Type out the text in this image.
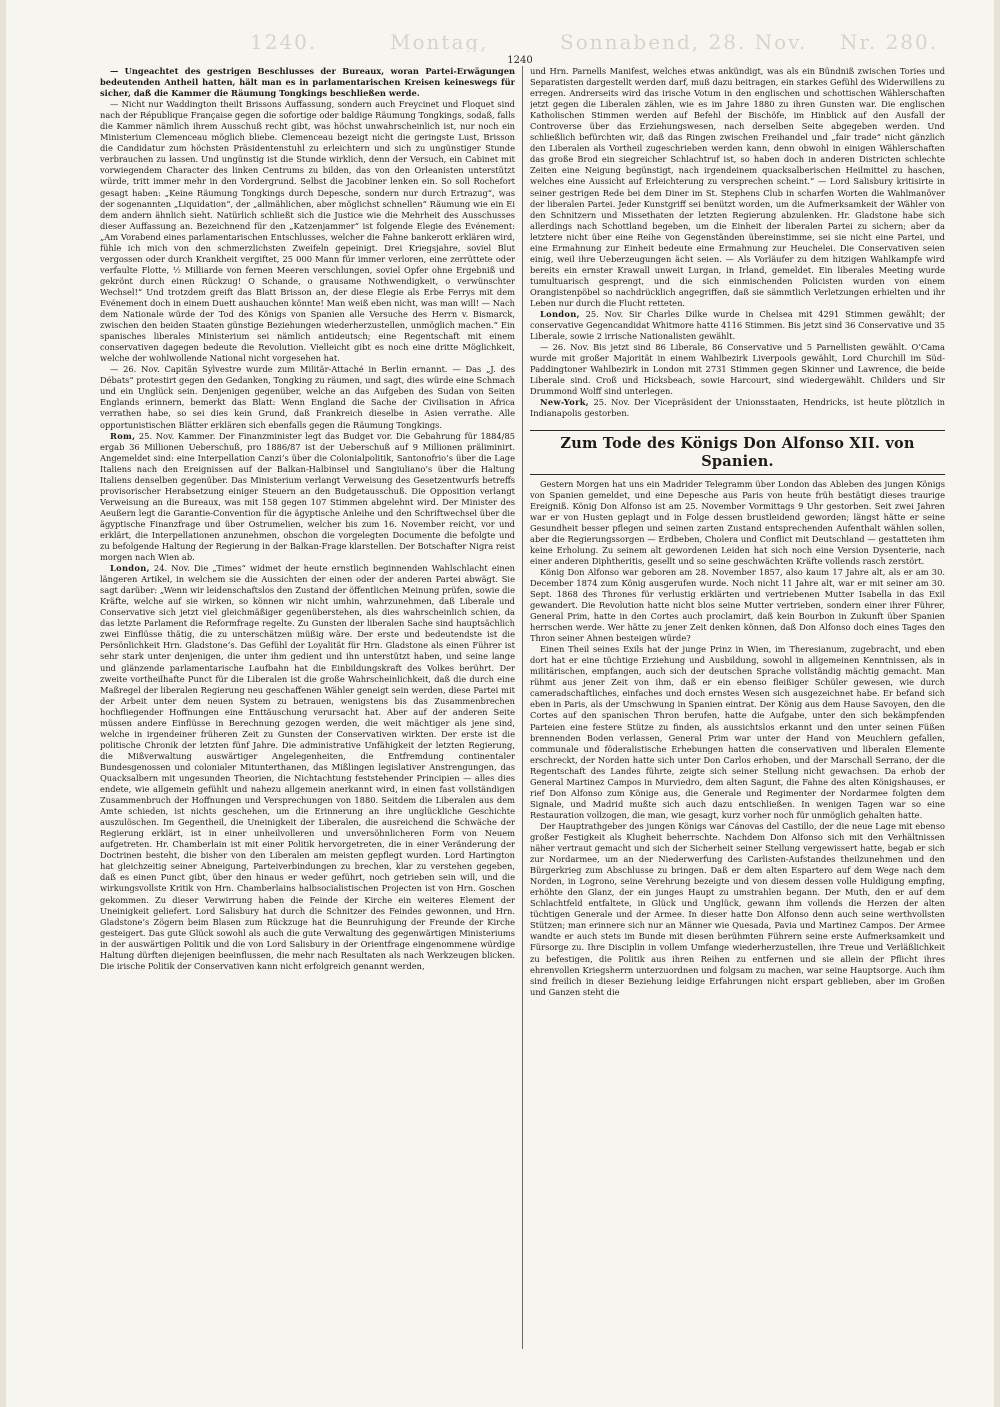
1240.	Montag,	Sonnabend, 28. Nov. Nr. 280.
1240

— Ungeachtet des gestrigen Beschlusses der Bureaux, woran Partei-Erwägungen bedeutenden Antheil hatten, hält man es in parlamentarischen Kreisen keineswegs für sicher, daß die Kammer die Räumung Tongkings beschließen werde.

— Nicht nur Waddington theilt Brissons Auffassung, sondern auch Freycinet und Floquet sind nach der République Française gegen die sofortige oder baldige Räumung Tongkings, sodaß, falls die Kammer nämlich ihrem Ausschuß recht gibt, was höchst unwahrscheinlich ist, nur noch ein Ministerium Clemenceau möglich bliebe. Clemenceau bezeigt nicht die geringste Lust, Brisson die Candidatur zum höchsten Präsidentenstuhl zu erleichtern und sich zu ungünstiger Stunde verbrauchen zu lassen. Und ungünstig ist die Stunde wirklich, denn der Versuch, ein Cabinet mit vorwiegendem Character des linken Centrums zu bilden, das von den Orleanisten unterstützt würde, tritt immer mehr in den Vordergrund. Selbst die Jacobiner lenken ein. So soll Rochefort gesagt haben: „Keine Räumung Tongkings durch Depesche, sondern nur durch Ertrazug“, was der sogenannten „Liquidation“, der „allmählichen, aber möglichst schnellen“ Räumung wie ein Ei dem andern ähnlich sieht. Natürlich schließt sich die Justice wie die Mehrheit des Ausschusses dieser Auffassung an. Bezeichnend für den „Katzenjammer“ ist folgende Elegie des Evénement: „Am Vorabend eines parlamentarischen Entschlusses, welcher die Fahne bankerott erklären wird, fühle ich mich von den schmerzlichsten Zweifeln gepeinigt. Drei Kriegsjahre, soviel Blut vergossen oder durch Krankheit vergiftet, 25 000 Mann für immer verloren, eine zerrüttete oder verfaulte Flotte, ½ Milliarde von fernen Meeren verschlungen, soviel Opfer ohne Ergebniß und gekrönt durch einen Rückzug! O Schande, o grausame Nothwendigkeit, o verwünschter Wechsel!“ Und trotzdem greift das Blatt Brisson an, der diese Elegie als Erbe Ferrys mit dem Evénement doch in einem Duett aushauchen könnte! Man weiß eben nicht, was man will! — Nach dem Nationale würde der Tod des Königs von Spanien alle Versuche des Herrn v. Bismarck, zwischen den beiden Staaten günstige Beziehungen wiederherzustellen, unmöglich machen.“ Ein spanisches liberales Ministerium sei nämlich antideutsch; eine Regentschaft mit einem conservativen dagegen bedeute die Revolution. Vielleicht gibt es noch eine dritte Möglichkeit, welche der wohlwollende National nicht vorgesehen hat.

— 26. Nov. Capitän Sylvestre wurde zum Militär-Attaché in Berlin ernannt. — Das „J. des Débats“ protestirt gegen den Gedanken, Tongking zu räumen, und sagt, dies würde eine Schmach und ein Unglück sein. Denjenigen gegenüber, welche an das Aufgeben des Sudan von Seiten Englands erinnern, bemerkt das Blatt: Wenn England die Sache der Civilisation in Africa verrathen habe, so sei dies kein Grund, daß Frankreich dieselbe in Asien verrathe. Alle opportunistischen Blätter erklären sich ebenfalls gegen die Räumung Tongkings.

Rom, 25. Nov. Kammer. Der Finanzminister legt das Budget vor. Die Gebahrung für 1884/85 ergab 36 Millionen Ueberschuß, pro 1886/87 ist der Ueberschuß auf 9 Millionen präliminirt. Angemeldet sind: eine Interpellation Canzi’s über die Colonialpolitik, Santonofrio’s über die Lage Italiens nach den Ereignissen auf der Balkan-Halbinsel und Sangiuliano’s über die Haltung Italiens denselben gegenüber. Das Ministerium verlangt Verweisung des Gesetzentwurfs betreffs provisorischer Herabsetzung einiger Steuern an den Budgetausschuß. Die Opposition verlangt Verweisung an die Bureaux, was mit 158 gegen 107 Stimmen abgelehnt wird. Der Minister des Aeußern legt die Garantie-Convention für die ägyptische Anleihe und den Schriftwechsel über die ägyptische Finanzfrage und über Ostrumelien, welcher bis zum 16. November reicht, vor und erklärt, die Interpellationen anzunehmen, obschon die vorgelegten Documente die befolgte und zu befolgende Haltung der Regierung in der Balkan-Frage klarstellen. Der Botschafter Nigra reist morgen nach Wien ab.

London, 24. Nov. Die „Times“ widmet der heute ernstlich beginnenden Wahlschlacht einen längeren Artikel, in welchem sie die Aussichten der einen oder der anderen Partei abwägt. Sie sagt darüber: „Wenn wir leidenschaftslos den Zustand der öffentlichen Meinung prüfen, sowie die Kräfte, welche auf sie wirken, so können wir nicht umhin, wahrzunehmen, daß Liberale und Conservative sich jetzt viel gleichmäßiger gegenüberstehen, als dies wahrscheinlich schien, da das letzte Parlament die Reformfrage regelte. Zu Gunsten der liberalen Sache sind hauptsächlich zwei Einflüsse thätig, die zu unterschätzen müßig wäre. Der erste und bedeutendste ist die Persönlichkeit Hrn. Gladstone’s. Das Gefühl der Loyalität für Hrn. Gladstone als einen Führer ist sehr stark unter denjenigen, die unter ihm gedient und ihn unterstützt haben, und seine lange und glänzende parlamentarische Laufbahn hat die Einbildungskraft des Volkes berührt. Der zweite vortheilhafte Punct für die Liberalen ist die große Wahrscheinlichkeit, daß die durch eine Maßregel der liberalen Regierung neu geschaffenen Wähler geneigt sein werden, diese Partei mit der Arbeit unter dem neuen System zu betrauen, wenigstens bis das Zusammenbrechen hochfliegender Hoffnungen eine Enttäuschung verursacht hat. Aber auf der anderen Seite müssen andere Einflüsse in Berechnung gezogen werden, die weit mächtiger als jene sind, welche in irgendeiner früheren Zeit zu Gunsten der Conservativen wirkten. Der erste ist die politische Chronik der letzten fünf Jahre. Die administrative Unfähigkeit der letzten Regierung, die Mißverwaltung auswärtiger Angelegenheiten, die Entfremdung continentaler Bundesgenossen und colonialer Mitunterthanen, das Mißlingen legislativer Anstrengungen, das Quacksalbern mit ungesunden Theorien, die Nichtachtung feststehender Principien — alles dies endete, wie allgemein gefühlt und nahezu allgemein anerkannt wird, in einen fast vollständigen Zusammenbruch der Hoffnungen und Versprechungen von 1880. Seitdem die Liberalen aus dem Amte schieden, ist nichts geschehen, um die Erinnerung an ihre unglückliche Geschichte auszulöschen. Im Gegentheil, die Uneinigkeit der Liberalen, die ausreichend die Schwäche der Regierung erklärt, ist in einer unheilvolleren und unversöhnlicheren Form von Neuem aufgetreten. Hr. Chamberlain ist mit einer Politik hervorgetreten, die in einer Veränderung der Doctrinen besteht, die bisher von den Liberalen am meisten gepflegt wurden. Lord Hartington hat gleichzeitig seiner Abneigung, Parteiverbindungen zu brechen, klar zu verstehen gegeben, daß es einen Punct gibt, über den hinaus er weder geführt, noch getrieben sein will, und die wirkungsvollste Kritik von Hrn. Chamberlains halbsocialistischen Projecten ist von Hrn. Goschen gekommen. Zu dieser Verwirrung haben die Feinde der Kirche ein weiteres Element der Uneinigkeit geliefert. Lord Salisbury hat durch die Schnitzer des Feindes gewonnen, und Hrn. Gladstone’s Zögern beim Blasen zum Rückzuge hat die Beunruhigung der Freunde der Kirche gesteigert. Das gute Glück sowohl als auch die gute Verwaltung des gegenwärtigen Ministeriums in der auswärtigen Politik und die von Lord Salisbury in der Orientfrage eingenommene würdige Haltung dürften diejenigen beeinflussen, die mehr nach Resultaten als nach Werkzeugen blicken. Die irische Politik der Conservativen kann nicht erfolgreich genannt werden,

und Hrn. Parnells Manifest, welches etwas ankündigt, was als ein Bündniß zwischen Tories und Separatisten dargestellt werden darf, muß dazu beitragen, ein starkes Gefühl des Widerwillens zu erregen. Andrerseits wird das irische Votum in den englischen und schottischen Wählerschaften jetzt gegen die Liberalen zählen, wie es im Jahre 1880 zu ihren Gunsten war. Die englischen Katholischen Stimmen werden auf Befehl der Bischöfe, im Hinblick auf den Ausfall der Controverse über das Erziehungswesen, nach derselben Seite abgegeben werden. Und schließlich befürchten wir, daß das Ringen zwischen Freihandel und „fair trade“ nicht gänzlich den Liberalen als Vortheil zugeschrieben werden kann, denn obwohl in einigen Wählerschaften das große Brod ein siegreicher Schlachtruf ist, so haben doch in anderen Districten schlechte Zeiten eine Neigung begünstigt, nach irgendeinem quacksalberischen Heilmittel zu haschen, welches eine Aussicht auf Erleichterung zu versprechen scheint.“ — Lord Salisbury kritisirte in seiner gestrigen Rede bei dem Diner im St. Stephens Club in scharfen Worten die Wahlmanöver der liberalen Partei. Jeder Kunstgriff sei benützt worden, um die Aufmerksamkeit der Wähler von den Schnitzern und Missethaten der letzten Regierung abzulenken. Hr. Gladstone habe sich allerdings nach Schottland begeben, um die Einheit der liberalen Partei zu sichern; aber da letztere nicht über eine Reihe von Gegenständen übereinstimme, sei sie nicht eine Partei, und eine Ermahnung zur Einheit bedeute eine Ermahnung zur Heuchelei. Die Conservativen seien einig, weil ihre Ueberzeugungen ächt seien. — Als Vorläufer zu dem hitzigen Wahlkampfe wird bereits ein ernster Krawall unweit Lurgan, in Irland, gemeldet. Ein liberales Meeting wurde tumultuarisch gesprengt, und die sich einmischenden Policisten wurden von einem Orangistenpöbel so nachdrücklich angegriffen, daß sie sämmtlich Verletzungen erhielten und ihr Leben nur durch die Flucht retteten.

London, 25. Nov. Sir Charles Dilke wurde in Chelsea mit 4291 Stimmen gewählt; der conservative Gegencandidat Whitmore hatte 4116 Stimmen. Bis jetzt sind 36 Conservative und 35 Liberale, sowie 2 irrische Nationalisten gewählt.

— 26. Nov. Bis jetzt sind 86 Liberale, 86 Conservative und 5 Parnellisten gewählt. O’Cama wurde mit großer Majorität in einem Wahlbezirk Liverpools gewählt, Lord Churchill im Süd-Paddingtoner Wahlbezirk in London mit 2731 Stimmen gegen Skinner und Lawrence, die beide Liberale sind. Croß und Hicksbeach, sowie Harcourt, sind wiedergewählt. Childers und Sir Drummond Wolff sind unterlegen.

New-York, 25. Nov. Der Vicepräsident der Unionsstaaten, Hendricks, ist heute plötzlich in Indianapolis gestorben.

Zum Tode des Königs Don Alfonso XII. von Spanien.

Gestern Morgen hat uns ein Madrider Telegramm über London das Ableben des jungen Königs von Spanien gemeldet, und eine Depesche aus Paris von heute früh bestätigt dieses traurige Ereigniß. König Don Alfonso ist am 25. November Vormittags 9 Uhr gestorben. Seit zwei Jahren war er von Husten geplagt und in Folge dessen brustleidend geworden; längst hätte er seine Gesundheit besser pflegen und seinen zarten Zustand entsprechenden Aufenthalt wählen sollen, aber die Regierungssorgen — Erdbeben, Cholera und Conflict mit Deutschland — gestatteten ihm keine Erholung. Zu seinem alt gewordenen Leiden hat sich noch eine Version Dysenterie, nach einer anderen Diphtheritis, gesellt und so seine geschwächten Kräfte vollends rasch zerstört.

König Don Alfonso war geboren am 28. November 1857, also kaum 17 Jahre alt, als er am 30. December 1874 zum König ausgerufen wurde. Noch nicht 11 Jahre alt, war er mit seiner am 30. Sept. 1868 des Thrones für verlustig erklärten und vertriebenen Mutter Isabella in das Exil gewandert. Die Revolution hatte nicht blos seine Mutter vertrieben, sondern einer ihrer Führer, General Prim, hatte in den Cortes auch proclamirt, daß kein Bourbon in Zukunft über Spanien herrschen werde. Wer hätte zu jener Zeit denken können, daß Don Alfonso doch eines Tages den Thron seiner Ahnen besteigen würde?

Einen Theil seines Exils hat der junge Prinz in Wien, im Theresianum, zugebracht, und eben dort hat er eine tüchtige Erziehung und Ausbildung, sowohl in allgemeinen Kenntnissen, als in militärischen, empfangen, auch sich der deutschen Sprache vollständig mächtig gemacht. Man rühmt aus jener Zeit von ihm, daß er ein ebenso fleißiger Schüler gewesen, wie durch cameradschaftliches, einfaches und doch ernstes Wesen sich ausgezeichnet habe. Er befand sich eben in Paris, als der Umschwung in Spanien eintrat. Der König aus dem Hause Savoyen, den die Cortes auf den spanischen Thron berufen, hatte die Aufgabe, unter den sich bekämpfenden Parteien eine festere Stütze zu finden, als aussichtslos erkannt und den unter seinen Füßen brennenden Boden verlassen, General Prim war unter der Hand von Meuchlern gefallen, communale und föderalistische Erhebungen hatten die conservativen und liberalen Elemente erschreckt, der Norden hatte sich unter Don Carlos erhoben, und der Marschall Serrano, der die Regentschaft des Landes führte, zeigte sich seiner Stellung nicht gewachsen. Da erhob der General Martinez Campos in Murviedro, dem alten Sagunt, die Fahne des alten Königshauses, er rief Don Alfonso zum Könige aus, die Generale und Regimenter der Nordarmee folgten dem Signale, und Madrid mußte sich auch dazu entschließen. In wenigen Tagen war so eine Restauration vollzogen, die man, wie gesagt, kurz vorher noch für unmöglich gehalten hatte.

Der Hauptrathgeber des jungen Königs war Cánovas del Castillo, der die neue Lage mit ebenso großer Festigkeit als Klugheit beherrschte. Nachdem Don Alfonso sich mit den Verhältnissen näher vertraut gemacht und sich der Sicherheit seiner Stellung vergewissert hatte, begab er sich zur Nordarmee, um an der Niederwerfung des Carlisten-Aufstandes theilzunehmen und den Bürgerkrieg zum Abschlusse zu bringen. Daß er dem alten Espartero auf dem Wege nach dem Norden, in Logrono, seine Verehrung bezeigte und von diesem dessen volle Huldigung empfing, erhöhte den Glanz, der ein junges Haupt zu umstrahlen begann. Der Muth, den er auf dem Schlachtfeld entfaltete, in Glück und Unglück, gewann ihm vollends die Herzen der alten tüchtigen Generale und der Armee. In dieser hatte Don Alfonso denn auch seine werthvollsten Stützen; man erinnere sich nur an Männer wie Quesada, Pavia und Martinez Campos. Der Armee wandte er auch stets im Bunde mit diesen berühmten Führern seine erste Aufmerksamkeit und Fürsorge zu. Ihre Disciplin in vollem Umfange wiederherzustellen, ihre Treue und Verläßlichkeit zu befestigen, die Politik aus ihren Reihen zu entfernen und sie allein der Pflicht ihres ehrenvollen Kriegsherrn unterzuordnen und folgsam zu machen, war seine Hauptsorge. Auch ihm sind freilich in dieser Beziehung leidige Erfahrungen nicht erspart geblieben, aber im Großen und Ganzen steht die
